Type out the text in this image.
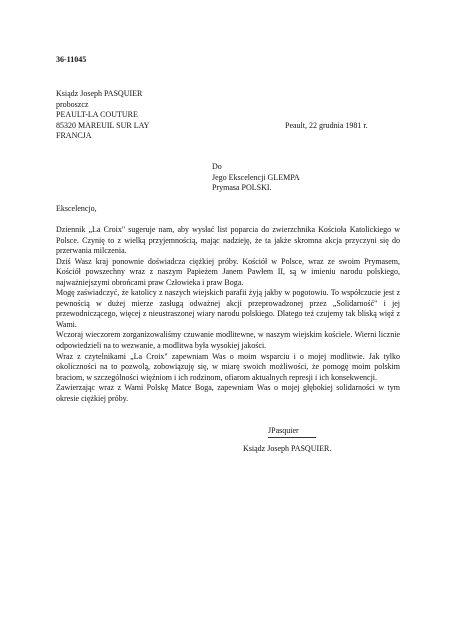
36-11045
Ksiądz Joseph PASQUIER
proboszcz
PEAULT-LA COUTURE
85320 MAREUIL SUR LAY
FRANCJA
Peault, 22 grudnia 1981 r.
Do
Jego Ekscelencji GLEMPA
Prymasa POLSKI.
Ekscelencjo,

Dziennik „La Croix" sugeruje nam, aby wysłać list poparcia do zwierzchnika Kościoła Katolickiego w Polsce. Czynię to z wielką przyjemnością, mając nadzieję, że ta jakże skromna akcja przyczyni się do przerwania milczenia.

Dziś Wasz kraj ponownie doświadcza ciężkiej próby. Kościół w Polsce, wraz ze swoim Prymasem, Kościół powszechny wraz z naszym Papieżem Janem Pawłem II, są w imieniu narodu polskiego, najważniejszymi obrońcami praw Człowieka i praw Boga.

Mogę zaświadczyć, że katolicy z naszych wiejskich parafii żyją jakby w pogotowiu. To współczucie jest z pewnością w dużej mierze zasługą odważnej akcji przeprowadzonej przez „Solidarność" i jej przewodniczącego, więcej z nieustraszonej wiary narodu polskiego. Dlatego też czujemy tak bliską więź z Wami.

Wczoraj wieczorem zorganizowaliśmy czuwanie modlitewne, w naszym wiejskim kościele. Wierni licznie odpowiedzieli na to wezwanie, a modlitwa była wysokiej jakości.

Wraz z czytelnikami „La Croix" zapewniam Was o moim wsparciu i o mojej modlitwie. Jak tylko okoliczności na to pozwolą, zobowiązuję się, w miarę swoich możliwości, że pomogę moim polskim braciom, w szczególności więźniom i ich rodzinom, ofiarom aktualnych represji i ich konsekwencji.

Zawierzając wraz z Wami Polskę Matce Boga, zapewniam Was o mojej głębokiej solidarności w tym okresie ciężkiej próby.

JPasquier
Ksiądz Joseph PASQUIER.
